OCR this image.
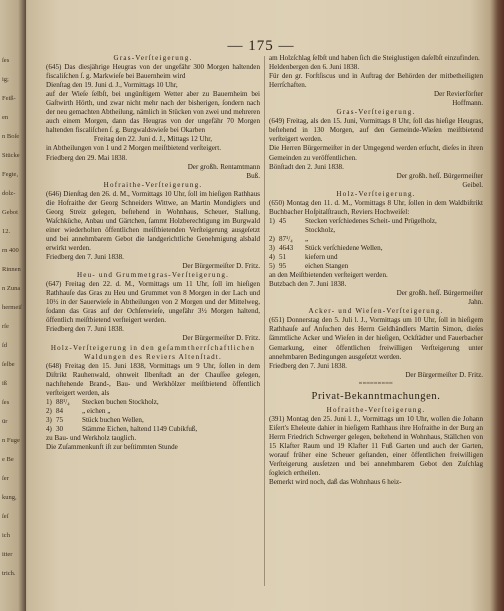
ſes
ig;
Feiß-
en
n Boſe
Stücke
Fegte,
dolz-
Gebot
12.
rn 400
Rinnen
n Zuna
hermeiſ
rſe
ſd
ſelbe
iß
ſes
ür
n Fuge
e Be
ſer
kung,
ſeſ
ich
itter
trich.
— 175 —

Gras-Verſteigerung.

(645) Das diesjährige Heugras von der ungefähr 300 Morgen haltenden fiscaliſchen ſ. g. Markwieſe bei Bauernheim wird

Dienſtag den 19. Juni d. J., Vormittags 10 Uhr,

auf der Wieſe ſelbſt, bei ungünſtigem Wetter aber zu Bauernheim bei Gaſtwirth Hörth, und zwar nicht mehr nach der bisherigen, ſondern nach der neu gemachten Abtheilung, nämlich in Stücken von zwei und mehreren auch einem Morgen, dann das Heugras von der ungefähr 70 Morgen haltenden fiscaliſchen ſ. g. Burgwaldswieſe bei Okarben

Freitag den 22. Juni d. J., Mittags 12 Uhr,

in Abtheilungen von 1 und 2 Morgen meiſtbietend verſteigert.

Friedberg den 29. Mai 1838.

Der großh. Rentamtmann

Buß.

Hofraithe-Verſteigerung.

(646) Dienſtag den 26. d. M., Vormittags 10 Uhr, ſoll im hieſigen Rathhaus die Hofraithe der Georg Schneiders Wittwe, an Martin Mondiglers und Georg Streiz gelegen, beſtehend in Wohnhaus, Scheuer, Stallung, Waſchküche, Anbau und Gärtchen, ſammt Holzberechtigung im Burgwald einer wiederholten öffentlichen meiſtbietenden Verſteigerung ausgeſetzt und bei annehmbarem Gebot die landgerichtliche Genehmigung alsbald erwirkt werden.

Friedberg den 7. Juni 1838.

Der Bürgermeiſter D. Fritz.

Heu- und Grummetgras-Verſteigerung.

(647) Freitag den 22. d. M., Vormittags um 11 Uhr, ſoll im hieſigen Rathhauſe das Gras zu Heu und Grummet von 8 Morgen in der Lach und 10½ in der Sauerwieſe in Abtheilungen von 2 Morgen und der Mittelweg, ſodann das Gras auf der Ochſenwieſe, ungefähr 3½ Morgen haltend, öffentlich meiſtbietend verſteigert werden.

Friedberg den 7. Juni 1838.

Der Bürgermeiſter D. Fritz.

Holz-Verſteigerung in den geſammtherrſchaftlichen Waldungen des Reviers Altenſtadt.

(648) Freitag den 15. Juni 1838, Vormittags um 9 Uhr, ſollen in dem Diſtrikt Rauhenwald, ohnweit Ilbenſtadt an der Chauſſee gelegen, nachſtehende Brand-, Bau- und Werkhölzer meiſtbietend öffentlich verſteigert werden, als

1) 88¹/₄	Stecken buchen Stockholz,
2) 84	„ eichen „
3) 75	Stück buchen Wellen,
4) 30	Stämme Eichen, haltend 1149 Cubikfuß,

zu Bau- und Werkholz tauglich.

Die Zuſammenkunft iſt zur beſtimmten Stunde

am Holzſchlag ſelbſt und haben ſich die Steiglustigen daſelbſt einzufinden.

Heldenbergen den 6. Juni 1838.

Für den gr. Forſtſiscus und in Auftrag der Behörden der mitbetheiligten Herrſchaften.

Der Revierförſter

Hoffmann.

Gras-Verſteigerung.

(649) Freitag, als den 15. Juni, Vormittags 8 Uhr, ſoll das hieſige Heugras, beſtehend in 130 Morgen, auf den Gemeinde-Wieſen meiſtbietend verſteigert werden.

Die Herren Bürgermeiſter in der Umgegend werden erſucht, dieſes in ihren Gemeinden zu veröffentlichen.

Bönſtadt den 2. Juni 1838.

Der großh. heſſ. Bürgermeiſter

Geibel.

Holz-Verſteigerung.

(650) Montag den 11. d. M., Vormittags 8 Uhr, ſollen in dem Waldbiſtrikt Buchbacher Hoſpitalſtrauch, Reviers Hochweiſel:

1) 45	Stecken verſchiedenes Scheit- und Prügelholz,
Stockholz,
2) 87¹/₄	„
3) 4643	Stück verſchiedene Wellen,
4) 51	kiefern und
5) 95	eichen Stangen

an den Meiſtbietenden verſteigert werden.

Butzbach den 7. Juni 1838.

Der großh. heſſ. Bürgermeiſter

Jahn.

Acker- und Wieſen-Verſteigerung.

(651) Donnerstag den 5. Juli l. J., Vormittags um 10 Uhr, ſoll in hieſigem Rathhauſe auf Anſuchen des Herrn Geldhändlers Martin Simon, dieſes ſämmtliche Acker und Wieſen in der hieſigen, Ockſtädter und Fauerbacher Gemarkung, einer öffentlichen freiwilligen Verſteigerung unter annehmbaren Bedingungen ausgeſetzt werden.

Friedberg den 7. Juni 1838.

Der Bürgermeiſter D. Fritz.

≈≈≈≈≈≈≈≈≈

Privat-Bekanntmachungen.

Hofraithe-Verſteigerung.

(391) Montag den 25. Juni l. J., Vormittags um 10 Uhr, wollen die Johann Eiſert's Eheleute dahier in hieſigem Rathhaus ihre Hofraithe in der Burg an Herrn Friedrich Schwerger gelegen, beſtehend in Wohnhaus, Ställchen von 15 Klafter Raum und 19 Klafter 11 Fuß Garten und auch der Garten, worauf früher eine Scheuer geſtanden, einer öffentlichen freiwilligen Verſteigerung ausſetzen und bei annehmbarem Gebot den Zuſchlag ſogleich ertheilen.

Bemerkt wird noch, daß das Wohnhaus 6 heiz-
